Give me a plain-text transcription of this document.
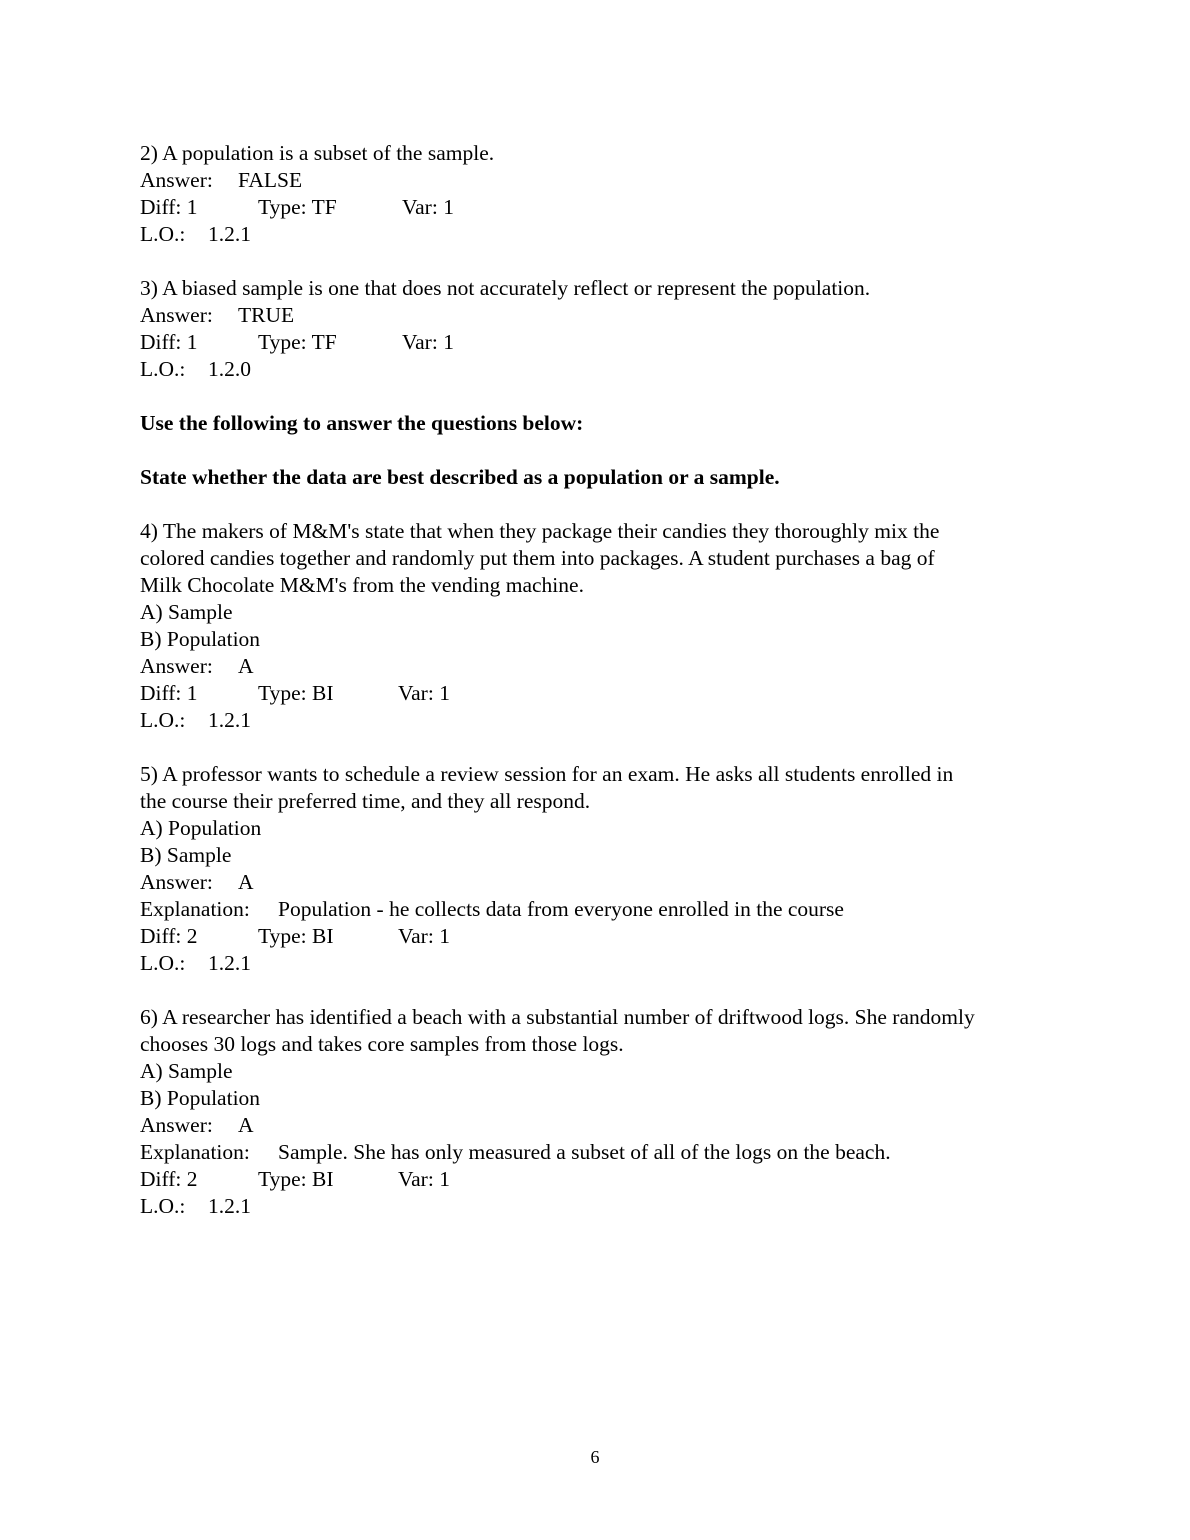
2) A population is a subset of the sample.
Answer: FALSE
Diff: 1	Type: TF	Var: 1
L.O.: 1.2.1
3) A biased sample is one that does not accurately reflect or represent the population.
Answer: TRUE
Diff: 1	Type: TF	Var: 1
L.O.: 1.2.0
Use the following to answer the questions below:
State whether the data are best described as a population or a sample.
4) The makers of M&M's state that when they package their candies they thoroughly mix the
colored candies together and randomly put them into packages. A student purchases a bag of
Milk Chocolate M&M's from the vending machine.
A) Sample
B) Population
Answer: A
Diff: 1	Type: BI	Var: 1
L.O.: 1.2.1
5) A professor wants to schedule a review session for an exam. He asks all students enrolled in
the course their preferred time, and they all respond.
A) Population
B) Sample
Answer: A
Explanation: Population - he collects data from everyone enrolled in the course
Diff: 2	Type: BI	Var: 1
L.O.: 1.2.1
6) A researcher has identified a beach with a substantial number of driftwood logs. She randomly
chooses 30 logs and takes core samples from those logs.
A) Sample
B) Population
Answer: A
Explanation: Sample. She has only measured a subset of all of the logs on the beach.
Diff: 2	Type: BI	Var: 1
L.O.: 1.2.1
6
